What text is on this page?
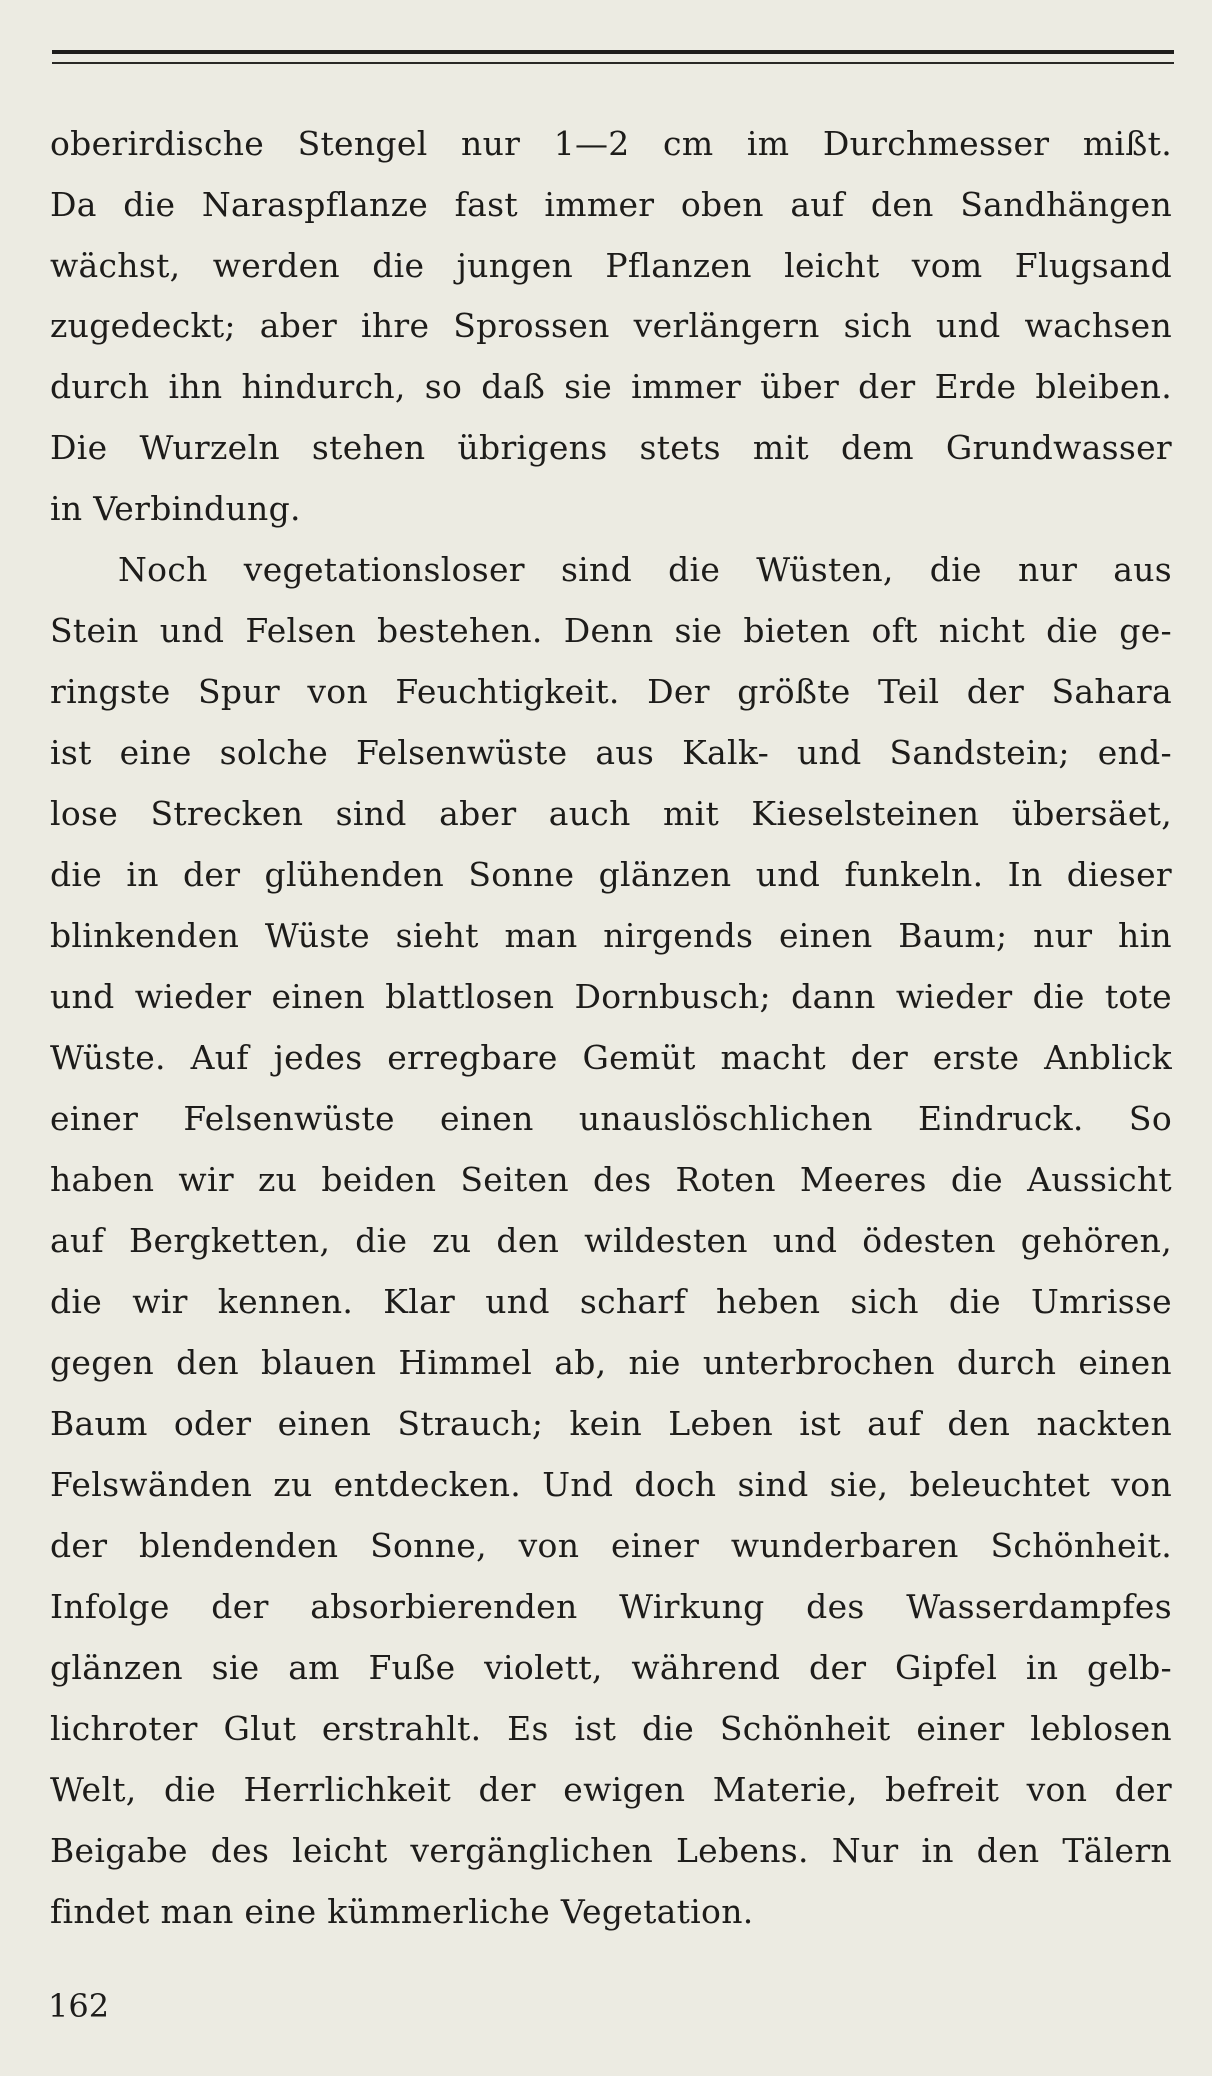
oberirdische Stengel nur 1—2 cm im Durchmesser mißt.
Da die Naraspflanze fast immer oben auf den Sandhängen
wächst, werden die jungen Pflanzen leicht vom Flugsand
zugedeckt; aber ihre Sprossen verlängern sich und wachsen
durch ihn hindurch, so daß sie immer über der Erde bleiben.
Die Wurzeln stehen übrigens stets mit dem Grundwasser
in Verbindung.
Noch vegetationsloser sind die Wüsten, die nur aus
Stein und Felsen bestehen. Denn sie bieten oft nicht die ge-
ringste Spur von Feuchtigkeit. Der größte Teil der Sahara
ist eine solche Felsenwüste aus Kalk- und Sandstein; end-
lose Strecken sind aber auch mit Kieselsteinen übersäet,
die in der glühenden Sonne glänzen und funkeln. In dieser
blinkenden Wüste sieht man nirgends einen Baum; nur hin
und wieder einen blattlosen Dornbusch; dann wieder die tote
Wüste. Auf jedes erregbare Gemüt macht der erste Anblick
einer Felsenwüste einen unauslöschlichen Eindruck. So
haben wir zu beiden Seiten des Roten Meeres die Aussicht
auf Bergketten, die zu den wildesten und ödesten gehören,
die wir kennen. Klar und scharf heben sich die Umrisse
gegen den blauen Himmel ab, nie unterbrochen durch einen
Baum oder einen Strauch; kein Leben ist auf den nackten
Felswänden zu entdecken. Und doch sind sie, beleuchtet von
der blendenden Sonne, von einer wunderbaren Schönheit.
Infolge der absorbierenden Wirkung des Wasserdampfes
glänzen sie am Fuße violett, während der Gipfel in gelb-
lichroter Glut erstrahlt. Es ist die Schönheit einer leblosen
Welt, die Herrlichkeit der ewigen Materie, befreit von der
Beigabe des leicht vergänglichen Lebens. Nur in den Tälern
findet man eine kümmerliche Vegetation.
162
